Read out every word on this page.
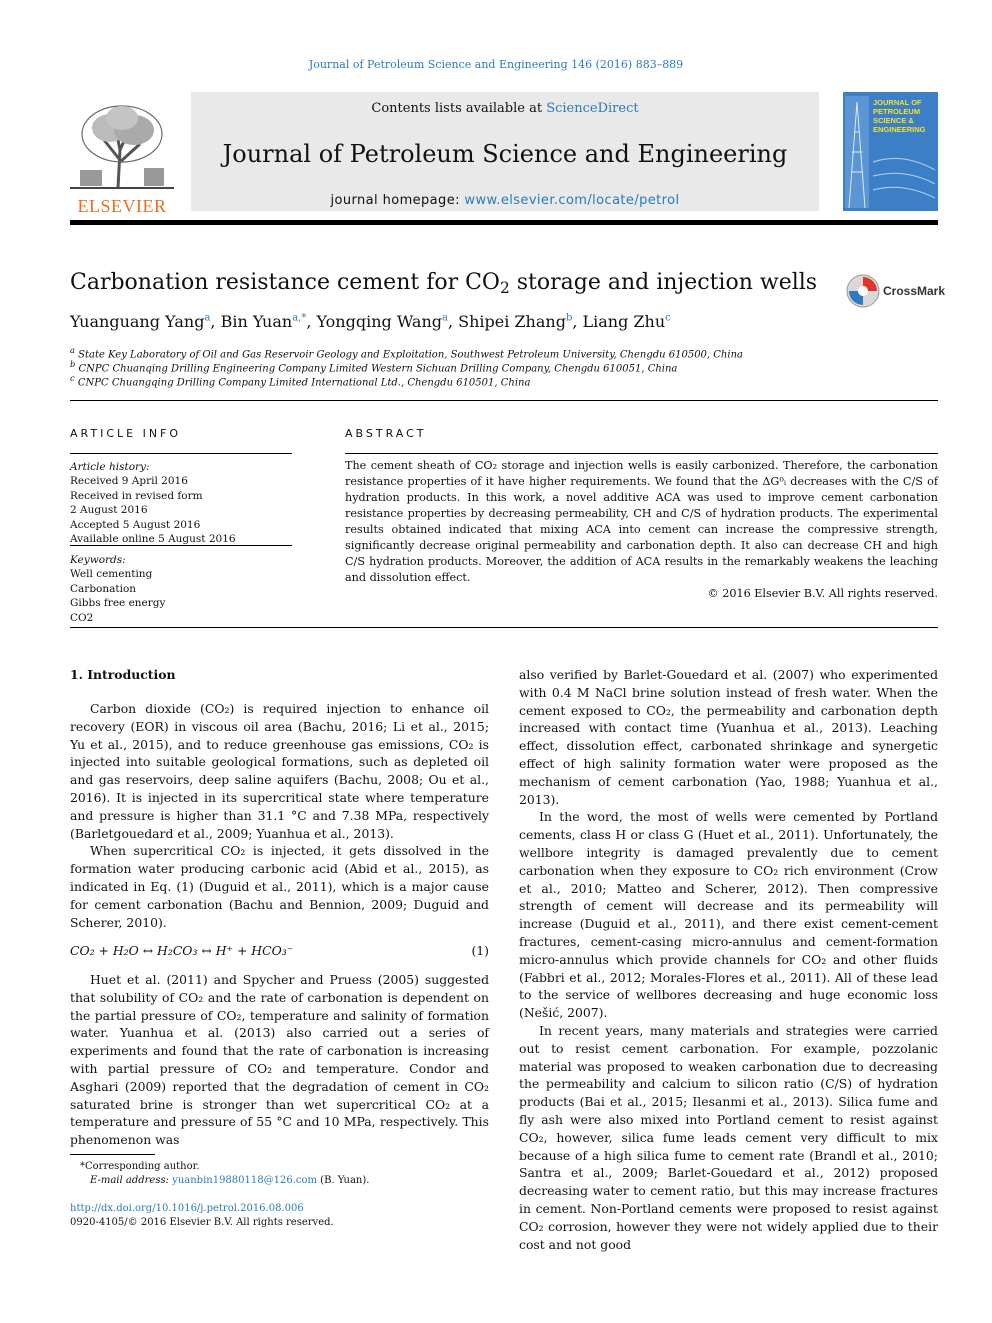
Journal of Petroleum Science and Engineering 146 (2016) 883–889
ELSEVIER
Contents lists available at ScienceDirect
Journal of Petroleum Science and Engineering
journal homepage: www.elsevier.com/locate/petrol
JOURNAL OF PETROLEUM SCIENCE & ENGINEERING
Carbonation resistance cement for $CO_2$ storage and injection wells	CrossMark
Yuanguang Yang$^a$, Bin Yuan$^{a,*}$, Yongqing Wang$^a$, Shipei Zhang$^b$, Liang Zhu$^c$
$^a$ State Key Laboratory of Oil and Gas Reservoir Geology and Exploitation, Southwest Petroleum University, Chengdu 610500, China
$^b$ CNPC Chuanqing Drilling Engineering Company Limited Western Sichuan Drilling Company, Chengdu 610051, China
$^c$ CNPC Chuangqing Drilling Company Limited International Ltd., Chengdu 610501, China
ARTICLE INFO
Article history:
Received 9 April 2016
Received in revised form
2 August 2016
Accepted 5 August 2016
Available online 5 August 2016
Keywords:
Well cementing
Carbonation
Gibbs free energy
CO2
ABSTRACT
The cement sheath of CO₂ storage and injection wells is easily carbonized. Therefore, the carbonation resistance properties of it have higher requirements. We found that the ΔG⁰ᵢ decreases with the C/S of hydration products. In this work, a novel additive ACA was used to improve cement carbonation resistance properties by decreasing permeability, CH and C/S of hydration products. The experimental results obtained indicated that mixing ACA into cement can increase the compressive strength, significantly decrease original permeability and carbonation depth. It also can decrease CH and high C/S hydration products. Moreover, the addition of ACA results in the remarkably weakens the leaching and dissolution effect.
© 2016 Elsevier B.V. All rights reserved.
1. Introduction

Carbon dioxide (CO₂) is required injection to enhance oil recovery (EOR) in viscous oil area (Bachu, 2016; Li et al., 2015; Yu et al., 2015), and to reduce greenhouse gas emissions, CO₂ is injected into suitable geological formations, such as depleted oil and gas reservoirs, deep saline aquifers (Bachu, 2008; Ou et al., 2016). It is injected in its supercritical state where temperature and pressure is higher than 31.1 °C and 7.38 MPa, respectively (Barletgouedard et al., 2009; Yuanhua et al., 2013).

When supercritical CO₂ is injected, it gets dissolved in the formation water producing carbonic acid (Abid et al., 2015), as indicated in Eq. (1) (Duguid et al., 2011), which is a major cause for cement carbonation (Bachu and Bennion, 2009; Duguid and Scherer, 2010).

CO₂ + H₂O ↔ H₂CO₃ ↔ H⁺ + HCO₃⁻	(1)

Huet et al. (2011) and Spycher and Pruess (2005) suggested that solubility of CO₂ and the rate of carbonation is dependent on the partial pressure of CO₂, temperature and salinity of formation water. Yuanhua et al. (2013) also carried out a series of experiments and found that the rate of carbonation is increasing with partial pressure of CO₂ and temperature. Condor and Asghari (2009) reported that the degradation of cement in CO₂ saturated brine is stronger than wet supercritical CO₂ at a temperature and pressure of 55 °C and 10 MPa, respectively. This phenomenon was

also verified by Barlet-Gouedard et al. (2007) who experimented with 0.4 M NaCl brine solution instead of fresh water. When the cement exposed to CO₂, the permeability and carbonation depth increased with contact time (Yuanhua et al., 2013). Leaching effect, dissolution effect, carbonated shrinkage and synergetic effect of high salinity formation water were proposed as the mechanism of cement carbonation (Yao, 1988; Yuanhua et al., 2013).

In the word, the most of wells were cemented by Portland cements, class H or class G (Huet et al., 2011). Unfortunately, the wellbore integrity is damaged prevalently due to cement carbonation when they exposure to CO₂ rich environment (Crow et al., 2010; Matteo and Scherer, 2012). Then compressive strength of cement will decrease and its permeability will increase (Duguid et al., 2011), and there exist cement-cement fractures, cement-casing micro-annulus and cement-formation micro-annulus which provide channels for CO₂ and other fluids (Fabbri et al., 2012; Morales-Flores et al., 2011). All of these lead to the service of wellbores decreasing and huge economic loss (Nešić, 2007).

In recent years, many materials and strategies were carried out to resist cement carbonation. For example, pozzolanic material was proposed to weaken carbonation due to decreasing the permeability and calcium to silicon ratio (C/S) of hydration products (Bai et al., 2015; Ilesanmi et al., 2013). Silica fume and fly ash were also mixed into Portland cement to resist against CO₂, however, silica fume leads cement very difficult to mix because of a high silica fume to cement rate (Brandl et al., 2010; Santra et al., 2009; Barlet-Gouedard et al., 2012) proposed decreasing water to cement ratio, but this may increase fractures in cement. Non-Portland cements were proposed to resist against CO₂ corrosion, however they were not widely applied due to their cost and not good

*Corresponding author.
E-mail address: yuanbin19880118@126.com (B. Yuan).
http://dx.doi.org/10.1016/j.petrol.2016.08.006
0920-4105/© 2016 Elsevier B.V. All rights reserved.
